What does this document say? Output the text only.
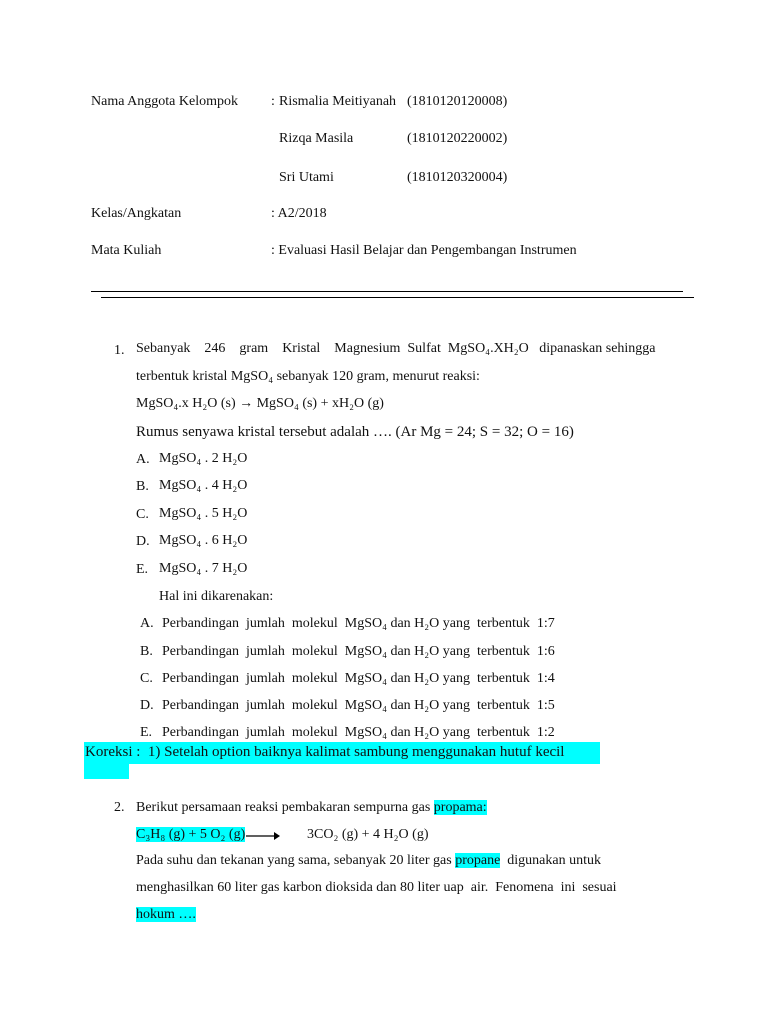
Nama Anggota Kelompok : Rismalia Meitiyanah (1810120120008)
Rizqa Masila	(1810120220002)
Sri Utami	(1810120320004)
Kelas/Angkatan	: A2/2018
Mata Kuliah	: Evaluasi Hasil Belajar dan Pengembangan Instrumen
1. Sebanyak    246    gram    Kristal    Magnesium  Sulfat  MgSO₄.XH₂O   dipanaskan sehingga
terbentuk kristal MgSO₄ sebanyak 120 gram, menurut reaksi:
MgSO₄.x H₂O (s) → MgSO₄ (s) + xH₂O (g)
Rumus senyawa kristal tersebut adalah …. (Ar Mg = 24; S = 32; O = 16)
A. MgSO₄ . 2 H₂O
B. MgSO₄ . 4 H₂O
C. MgSO₄ . 5 H₂O
D. MgSO₄ . 6 H₂O
E. MgSO₄ . 7 H₂O
Hal ini dikarenakan:
A. Perbandingan  jumlah  molekul  MgSO₄ dan H₂O yang  terbentuk  1:7
B. Perbandingan  jumlah  molekul  MgSO₄ dan H₂O yang  terbentuk  1:6
C. Perbandingan  jumlah  molekul  MgSO₄ dan H₂O yang  terbentuk  1:4
D. Perbandingan  jumlah  molekul  MgSO₄ dan H₂O yang  terbentuk  1:5
E. Perbandingan  jumlah  molekul  MgSO₄ dan H₂O yang  terbentuk  1:2
Koreksi :  1) Setelah option baiknya kalimat sambung menggunakan hutuf kecil
2. Berikut persamaan reaksi pembakaran sempurna gas propama:
C₃H₈ (g) + 5 O₂ (g) → 3CO₂ (g) + 4 H₂O (g)
Pada suhu dan tekanan yang sama, sebanyak 20 liter gas propane  digunakan untuk
menghasilkan 60 liter gas karbon dioksida dan 80 liter uap  air.  Fenomena  ini  sesuai
hokum ….
